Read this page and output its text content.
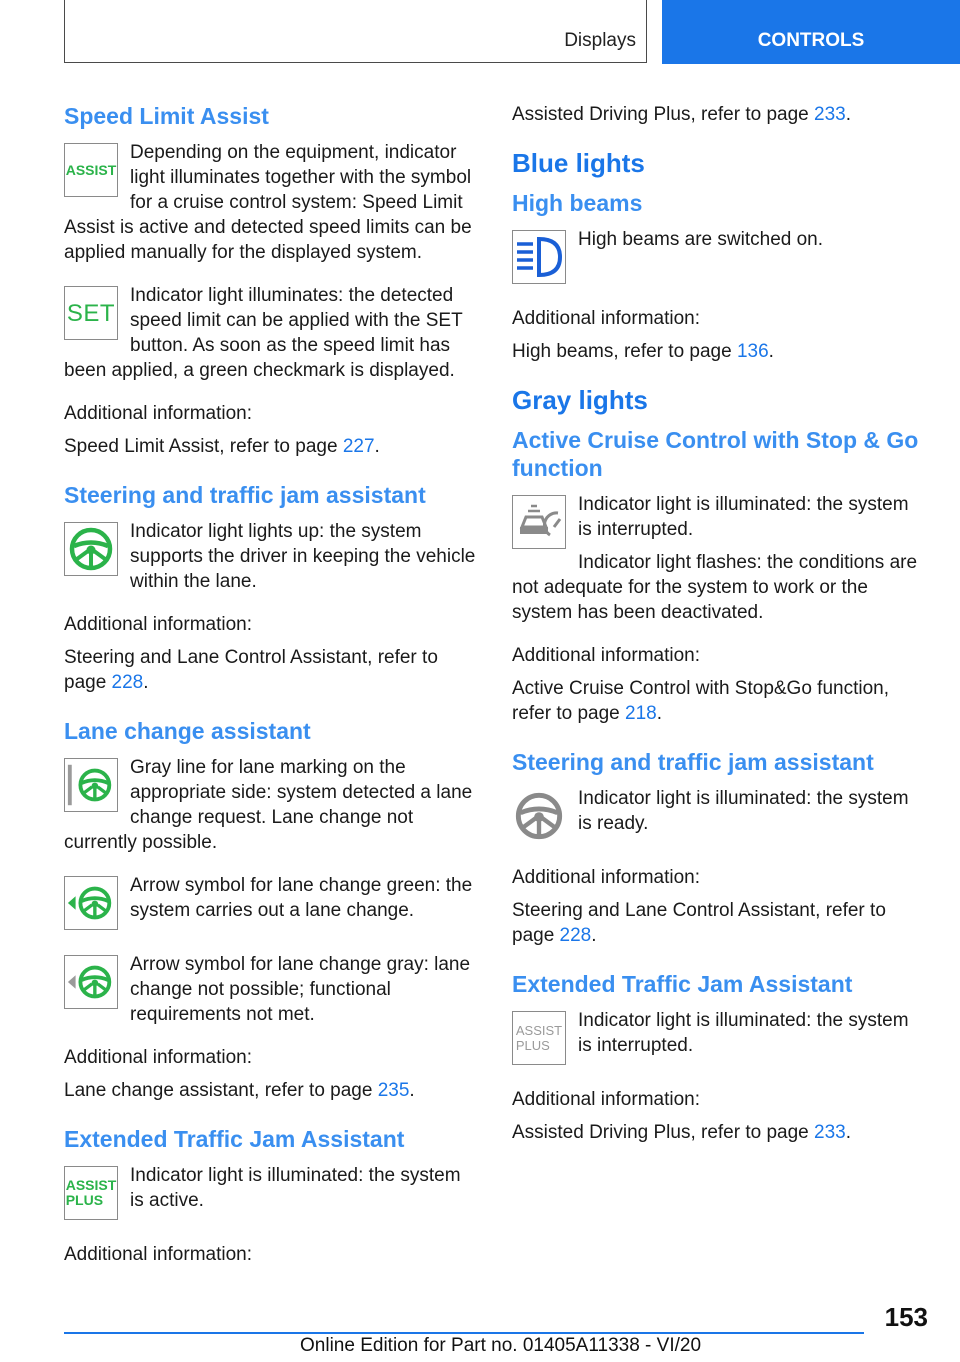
Displays	CONTROLS
Speed Limit Assist
ASSIST

Depending on the equipment, indicator light illuminates together with the symbol for a cruise control system: Speed Limit Assist is active and detected speed limits can be applied manually for the displayed system.

SET

Indicator light illuminates: the detected speed limit can be applied with the SET button. As soon as the speed limit has been applied, a green checkmark is displayed.

Additional information:

Speed Limit Assist, refer to page 227.

Steering and traffic jam assistant

Indicator light lights up: the system supports the driver in keeping the vehicle within the lane.

Additional information:

Steering and Lane Control Assistant, refer to page 228.

Lane change assistant

Gray line for lane marking on the appropriate side: system detected a lane change request. Lane change not currently possible.

Arrow symbol for lane change green: the system carries out a lane change.

Arrow symbol for lane change gray: lane change not possible; functional requirements not met.

Additional information:

Lane change assistant, refer to page 235.

Extended Traffic Jam Assistant
ASSIST
PLUS

Indicator light is illuminated: the system is active.

Additional information:

Assisted Driving Plus, refer to page 233.

Blue lights
High beams

High beams are switched on.

Additional information:

High beams, refer to page 136.

Gray lights
Active Cruise Control with Stop & Go function

Indicator light is illuminated: the system is interrupted.

Indicator light flashes: the conditions are not adequate for the system to work or the system has been deactivated.

Additional information:

Active Cruise Control with Stop&Go function, refer to page 218.

Steering and traffic jam assistant

Indicator light is illuminated: the system is ready.

Additional information:

Steering and Lane Control Assistant, refer to page 228.

Extended Traffic Jam Assistant
ASSIST
PLUS

Indicator light is illuminated: the system is interrupted.

Additional information:

Assisted Driving Plus, refer to page 233.

153
Online Edition for Part no. 01405A11338 - VI/20
